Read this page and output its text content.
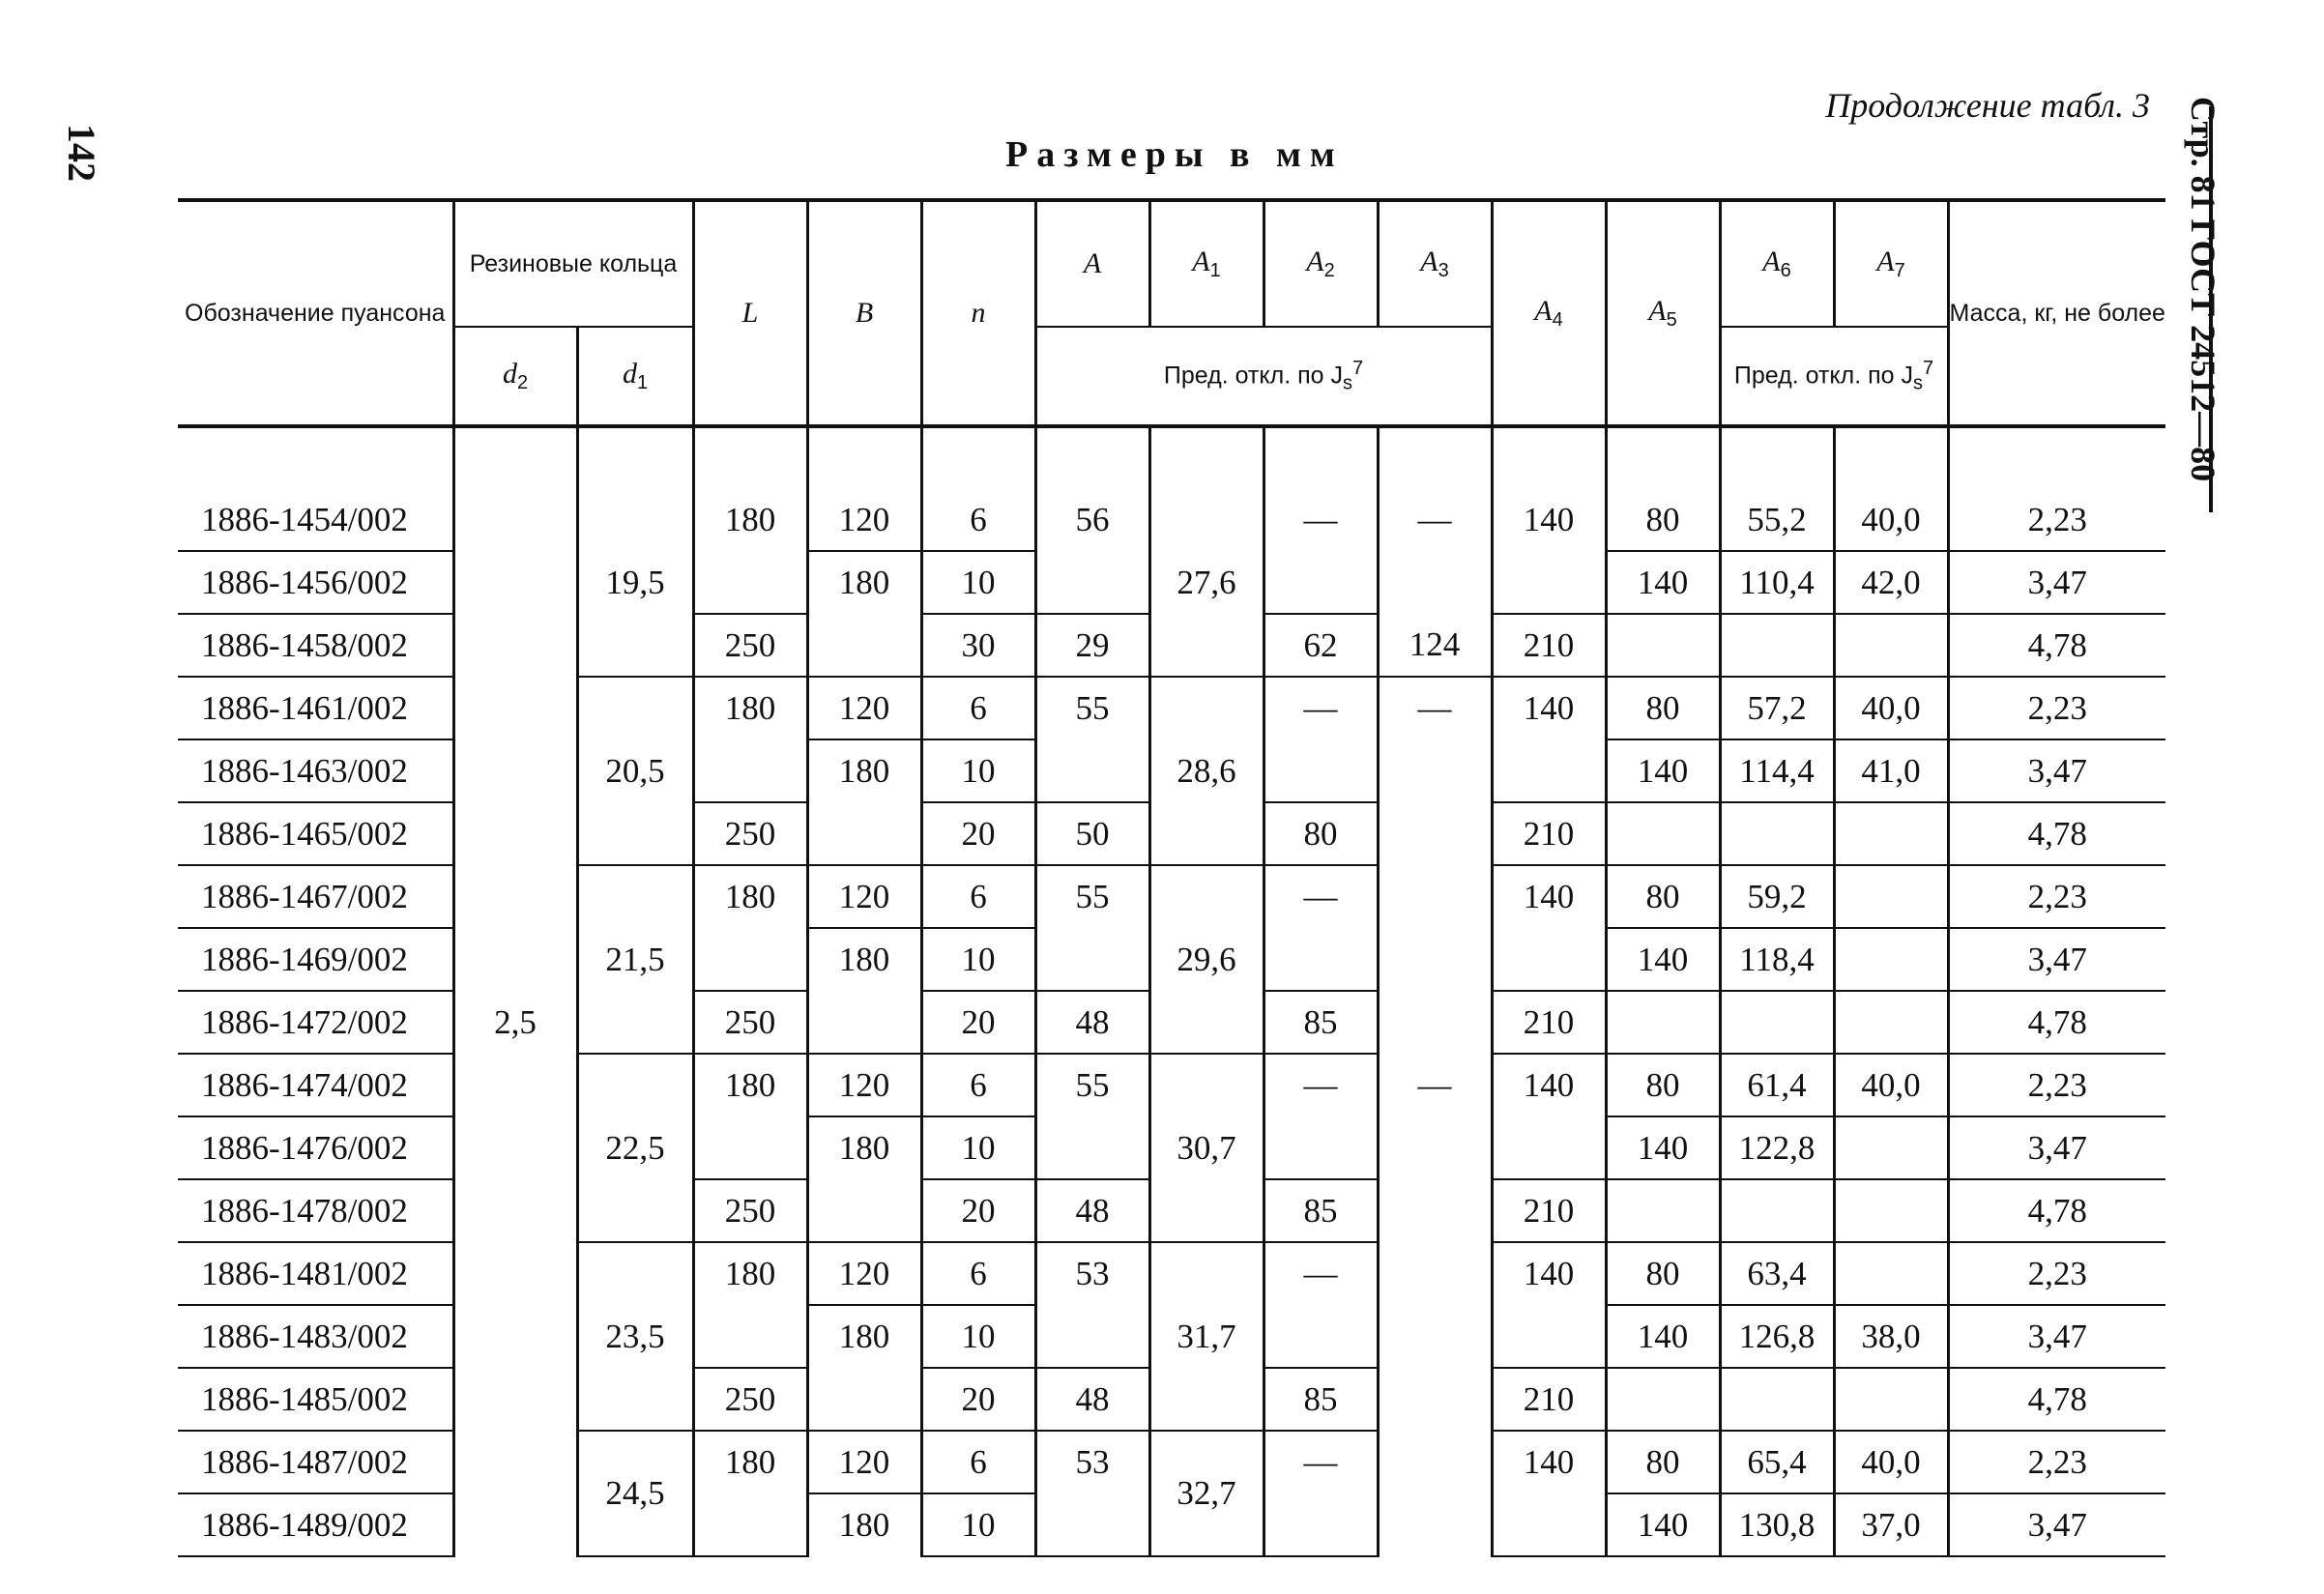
142
Продолжение табл. 3
Размеры в мм	Стр. 81 ГОСТ 24512—80
Обозначение пуансона	Резиновые кольца		L	B	n	A	$A_1$	$A_2$	$A_3$	$A_4$	$A_5$	$A_6$	$A_7$	Масса, кг, не более
	$d_2$	$d_1$				Пред. откл. по $J_s^7$						Пред. откл. по $J_s^7$

1886-1454/002	2,5	19,5	180	120	6	56	27,6	—	—	140	80	55,2	40,0	2,23
1886-1456/002				180	10						140	110,4	42,0	3,47
1886-1458/002			250		30	29		62	124	210				4,78
1886-1461/002		20,5	180	120	6	55	28,6	—	—	140	80	57,2	40,0	2,23
1886-1463/002				180	10						140	114,4	41,0	3,47
1886-1465/002			250		20	50		80		210				4,78
1886-1467/002		21,5	180	120	6	55	29,6	—		140	80	59,2		2,23
1886-1469/002				180	10						140	118,4		3,47
1886-1472/002			250		20	48		85		210				4,78
1886-1474/002		22,5	180	120	6	55	30,7	—	—	140	80	61,4	40,0	2,23
1886-1476/002				180	10						140	122,8		3,47
1886-1478/002			250		20	48		85		210				4,78
1886-1481/002		23,5	180	120	6	53	31,7	—		140	80	63,4		2,23
1886-1483/002				180	10						140	126,8	38,0	3,47
1886-1485/002			250		20	48		85		210				4,78
1886-1487/002		24,5	180	120	6	53	32,7	—		140	80	65,4	40,0	2,23
1886-1489/002				180	10						140	130,8	37,0	3,47
